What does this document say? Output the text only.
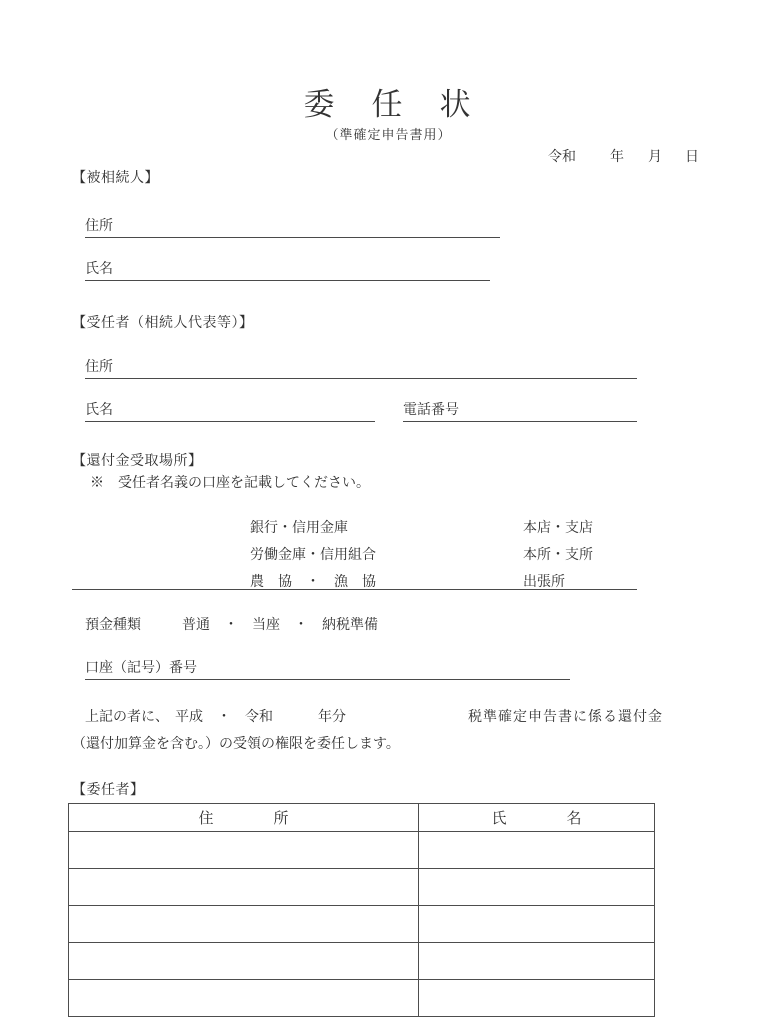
委　任　状
（準確定申告書用）
令和 年 月 日
【被相続人】
住所
氏名
【受任者（相続人代表等）】
住所
氏名	電話番号
【還付金受取場所】
※　受任者名義の口座を記載してください。
銀行・信用金庫	本店・支店
労働金庫・信用組合	本所・支所
農　協　・　漁　協	出張所
預金種類	普通　・　当座　・　納税準備
口座（記号）番号
上記の者に、 平成　・　令和	年分	税準確定申告書に係る還付金
（還付加算金を含む。）の受領の権限を委任します。
【委任者】
住　　　　所	氏　　　　名
